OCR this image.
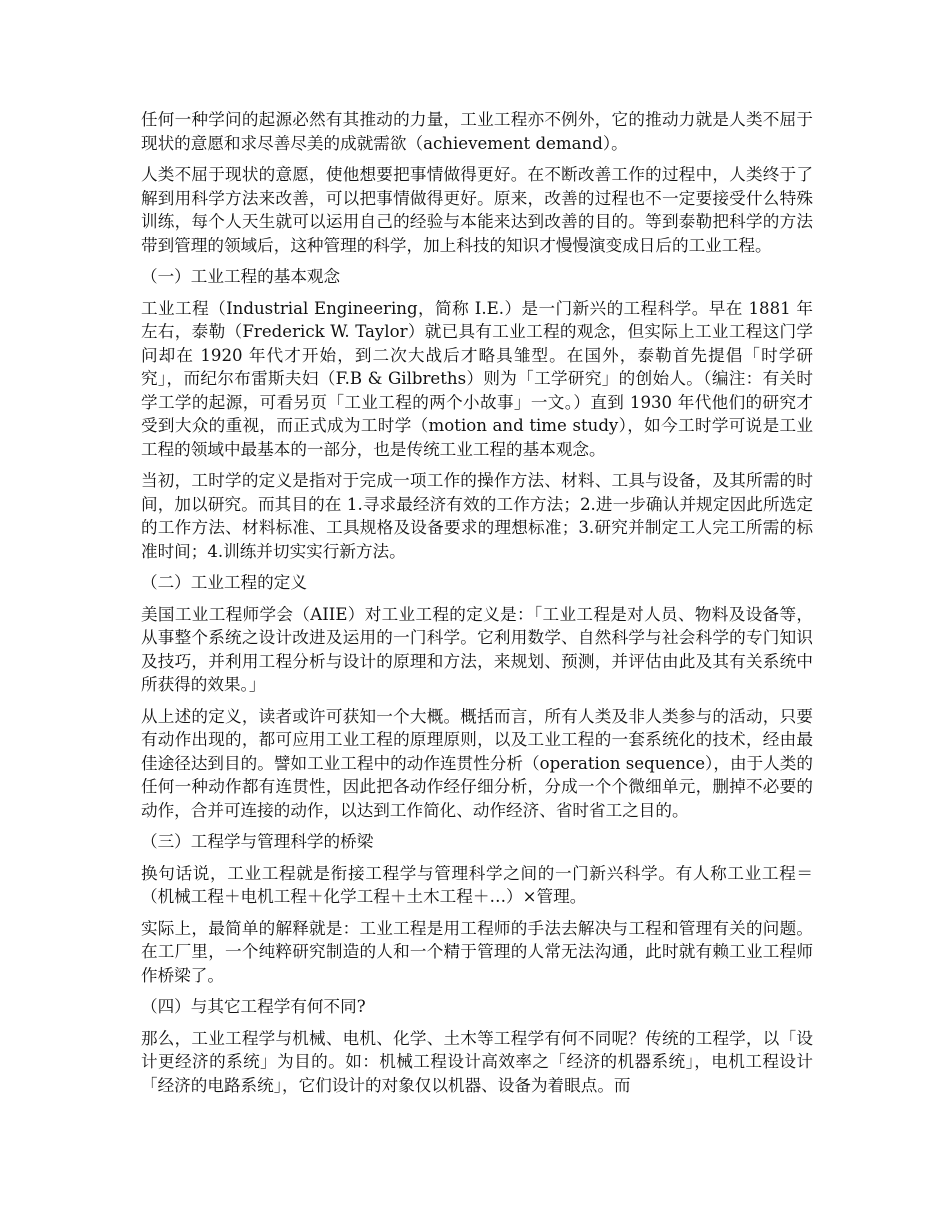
任何一种学问的起源必然有其推动的力量，工业工程亦不例外，它的推动力就是人类不屈于现状的意愿和求尽善尽美的成就需欲（achievement demand）。

人类不屈于现状的意愿，使他想要把事情做得更好。在不断改善工作的过程中，人类终于了解到用科学方法来改善，可以把事情做得更好。原来，改善的过程也不一定要接受什么特殊训练，每个人天生就可以运用自己的经验与本能来达到改善的目的。等到泰勒把科学的方法带到管理的领域后，这种管理的科学，加上科技的知识才慢慢演变成日后的工业工程。

（一）工业工程的基本观念

工业工程（Industrial Engineering，简称 I.E.）是一门新兴的工程科学。早在 1881 年左右，泰勒（Frederick W. Taylor）就已具有工业工程的观念，但实际上工业工程这门学问却在 1920 年代才开始，到二次大战后才略具雏型。在国外，泰勒首先提倡「时学研究」，而纪尔布雷斯夫妇（F.B & Gilbreths）则为「工学研究」的创始人。（编注：有关时学工学的起源，可看另页「工业工程的两个小故事」一文。）直到 1930 年代他们的研究才受到大众的重视，而正式成为工时学（motion and time study），如今工时学可说是工业工程的领域中最基本的一部分，也是传统工业工程的基本观念。

当初，工时学的定义是指对于完成一项工作的操作方法、材料、工具与设备，及其所需的时间，加以研究。而其目的在 1.寻求最经济有效的工作方法；2.进一步确认并规定因此所选定的工作方法、材料标准、工具规格及设备要求的理想标准；3.研究并制定工人完工所需的标准时间；4.训练并切实实行新方法。

（二）工业工程的定义

美国工业工程师学会（AIIE）对工业工程的定义是：「工业工程是对人员、物料及设备等，从事整个系统之设计改进及运用的一门科学。它利用数学、自然科学与社会科学的专门知识及技巧，并利用工程分析与设计的原理和方法，来规划、预测，并评估由此及其有关系统中所获得的效果。」

从上述的定义，读者或许可获知一个大概。概括而言，所有人类及非人类参与的活动，只要有动作出现的，都可应用工业工程的原理原则，以及工业工程的一套系统化的技术，经由最佳途径达到目的。譬如工业工程中的动作连贯性分析（operation sequence），由于人类的任何一种动作都有连贯性，因此把各动作经仔细分析，分成一个个微细单元，删掉不必要的动作，合并可连接的动作，以达到工作简化、动作经济、省时省工之目的。

（三）工程学与管理科学的桥梁

换句话说，工业工程就是衔接工程学与管理科学之间的一门新兴科学。有人称工业工程＝（机械工程＋电机工程＋化学工程＋土木工程＋…）×管理。

实际上，最简单的解释就是：工业工程是用工程师的手法去解决与工程和管理有关的问题。在工厂里，一个纯粹研究制造的人和一个精于管理的人常无法沟通，此时就有赖工业工程师作桥梁了。

（四）与其它工程学有何不同?

那么，工业工程学与机械、电机、化学、土木等工程学有何不同呢？传统的工程学，以「设计更经济的系统」为目的。如：机械工程设计高效率之「经济的机器系统」，电机工程设计「经济的电路系统」，它们设计的对象仅以机器、设备为着眼点。而
